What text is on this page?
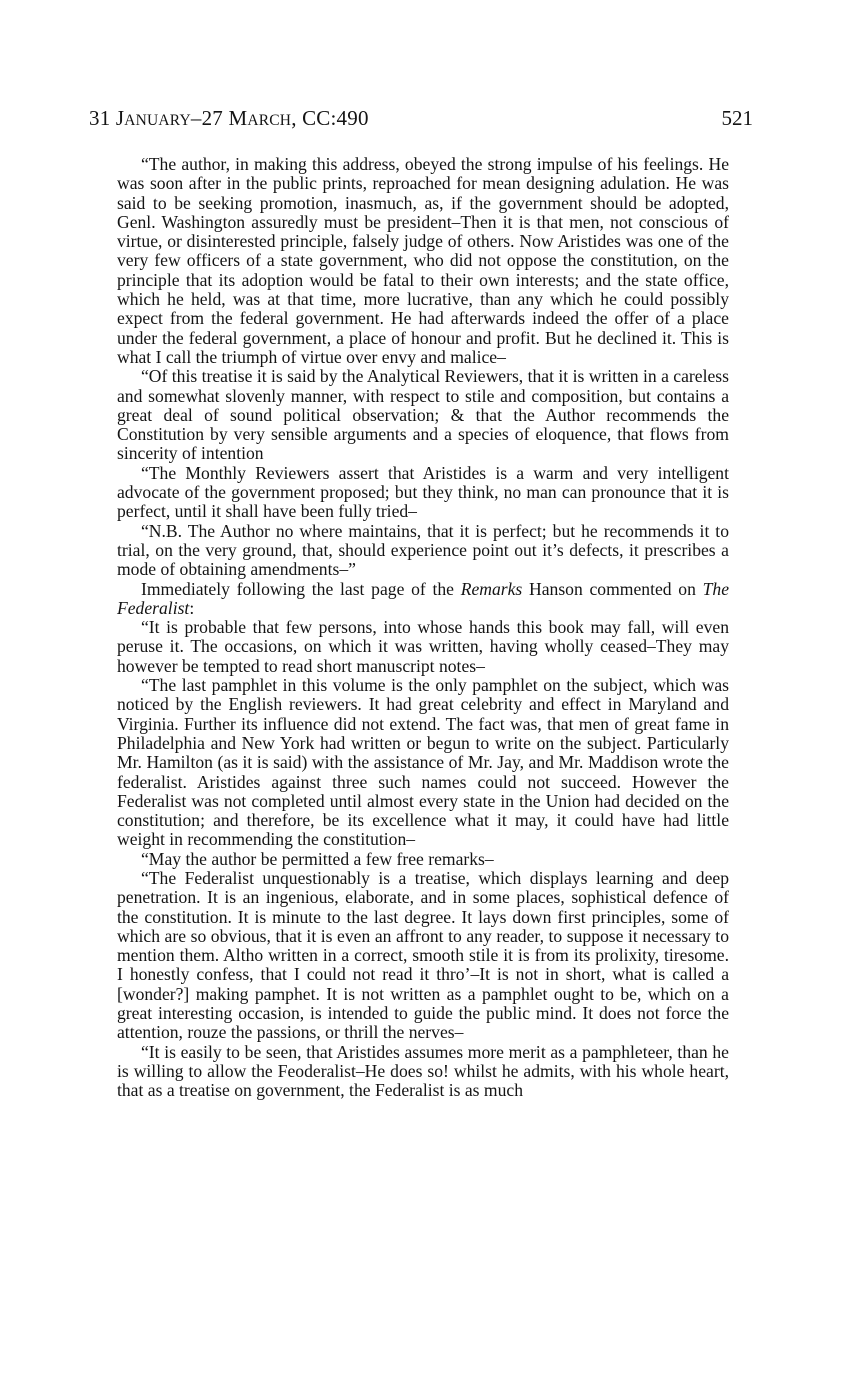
31 JANUARY–27 MARCH, CC:490	521

“The author, in making this address, obeyed the strong impulse of his feelings. He was soon after in the public prints, reproached for mean designing adulation. He was said to be seeking promotion, inasmuch, as, if the government should be adopted, Genl. Washington assuredly must be president–Then it is that men, not conscious of virtue, or disinterested principle, falsely judge of others. Now Aristides was one of the very few officers of a state government, who did not oppose the constitution, on the principle that its adoption would be fatal to their own interests; and the state office, which he held, was at that time, more lucrative, than any which he could possibly expect from the federal government. He had afterwards indeed the offer of a place under the federal government, a place of honour and profit. But he declined it. This is what I call the triumph of virtue over envy and malice–

“Of this treatise it is said by the Analytical Reviewers, that it is written in a careless and somewhat slovenly manner, with respect to stile and composition, but contains a great deal of sound political observation; & that the Author recommends the Constitution by very sensible arguments and a species of eloquence, that flows from sincerity of intention

“The Monthly Reviewers assert that Aristides is a warm and very intelligent advocate of the government proposed; but they think, no man can pronounce that it is perfect, until it shall have been fully tried–

“N.B. The Author no where maintains, that it is perfect; but he recommends it to trial, on the very ground, that, should experience point out it’s defects, it prescribes a mode of obtaining amendments–”

Immediately following the last page of the Remarks Hanson commented on The Federalist:

“It is probable that few persons, into whose hands this book may fall, will even peruse it. The occasions, on which it was written, having wholly ceased–They may however be tempted to read short manuscript notes–

“The last pamphlet in this volume is the only pamphlet on the subject, which was noticed by the English reviewers. It had great celebrity and effect in Maryland and Virginia. Further its influence did not extend. The fact was, that men of great fame in Philadelphia and New York had written or begun to write on the subject. Particularly Mr. Hamilton (as it is said) with the assistance of Mr. Jay, and Mr. Maddison wrote the federalist. Aristides against three such names could not succeed. However the Federalist was not completed until almost every state in the Union had decided on the constitution; and therefore, be its excellence what it may, it could have had little weight in recommending the constitution–

“May the author be permitted a few free remarks–

“The Federalist unquestionably is a treatise, which displays learning and deep penetration. It is an ingenious, elaborate, and in some places, sophistical defence of the constitution. It is minute to the last degree. It lays down first principles, some of which are so obvious, that it is even an affront to any reader, to suppose it necessary to mention them. Altho written in a correct, smooth stile it is from its prolixity, tiresome. I honestly confess, that I could not read it thro’–It is not in short, what is called a [wonder?] making pamphet. It is not written as a pamphlet ought to be, which on a great interesting occasion, is intended to guide the public mind. It does not force the attention, rouze the passions, or thrill the nerves–

“It is easily to be seen, that Aristides assumes more merit as a pamphleteer, than he is willing to allow the Feoderalist–He does so! whilst he admits, with his whole heart, that as a treatise on government, the Federalist is as much
